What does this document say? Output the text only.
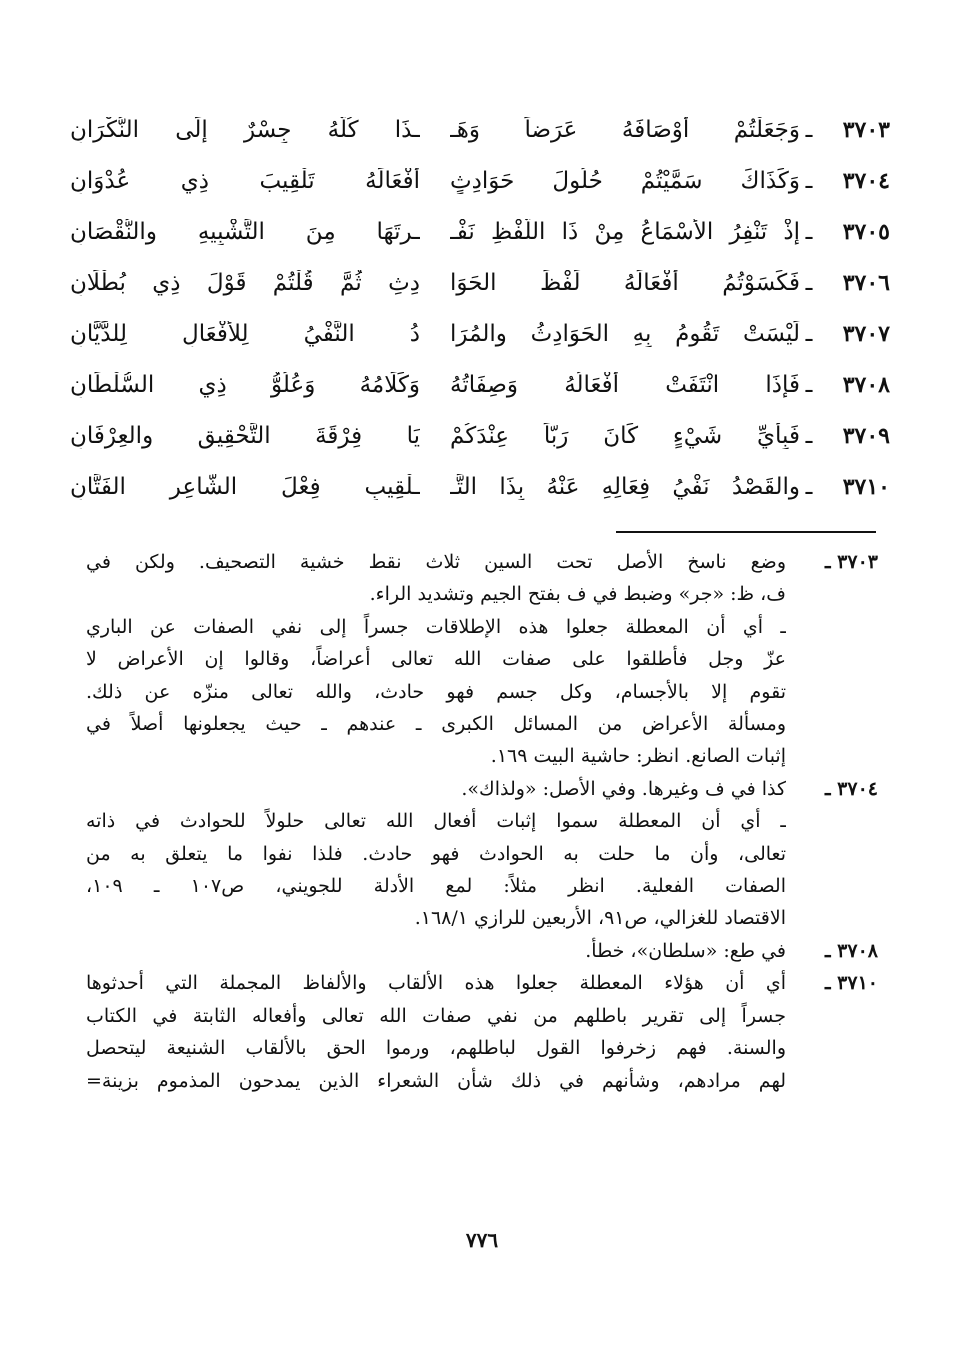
٣٧٠٣
ـ
وَجَعَلْتُمْ أَوْصَافَهُ عَرَضاً وَهَـ
ـذَا كُلُّهُ جِسْرٌ إِلَى النُّكْرَانِ
٣٧٠٤
ـ
وَكَذَاكَ سَمَّيْتُمْ حُلُولَ حَوَادِثٍ
أَفْعَالَهُ تَلْقِيبَ ذِي عُدْوَانِ
٣٧٠٥
ـ
إِذْ تَنْفِرُ الأَسْمَاعُ مِنْ ذَا اللَّفْظِ نَفْـ
ـرتَهَا مِنَ التَّشْبِيهِ والنُّقْصَانِ
٣٧٠٦
ـ
فَكَسَوْتُمُ أَفْعَالَهُ لَفْظَ الحَوَا
دِثِ ثُمَّ قُلْتُمْ قَوْلَ ذِي بُطْلَانِ
٣٧٠٧
ـ
لَيْسَتْ تَقُومُ بِهِ الحَوَادِثُ والمُرَا
دُ النَّفْيُ لِلأَفْعَالِ لِلدَّيَّانِ
٣٧٠٨
ـ
فَإِذَا انْتَفَتْ أَفْعَالُهُ وَصِفَاتُهُ
وَكَلَامُهُ وَعُلُوُّ ذِي السُّلْطَانِ
٣٧٠٩
ـ
فَبِأَيِّ شَيْءٍ كَانَ رَبّاً عِنْدَكُمْ
يَا فِرْقَةَ التَّحْقِيقِ والعِرْفَانِ
٣٧١٠
ـ
والقَصْدُ نَفْيُ فِعَالِهِ عَنْهُ بِذَا التَّـ
ـلْقِيبِ فِعْلَ الشَّاعِرِ الفَتَّانِ
٣٧٠٣ ـ
وضع ناسخ الأصل تحت السين ثلاث نقط خشية التصحيف. ولكن في
ف، ظ: «جر» وضبط في ف بفتح الجيم وتشديد الراء.
ـ أي أن المعطلة جعلوا هذه الإطلاقات جسراً إلى نفي الصفات عن الباري
عزّ وجل فأطلقوا على صفات الله تعالى أعراضاً، وقالوا إن الأعراض لا
تقوم إلا بالأجسام، وكل جسم فهو حادث، والله تعالى منزّه عن ذلك.
ومسألة الأعراض من المسائل الكبرى ـ عندهم ـ حيث يجعلونها أصلاً في
إثبات الصانع. انظر: حاشية البيت ١٦٩.
٣٧٠٤ ـ
كذا في ف وغيرها. وفي الأصل: «ولذاك».
ـ أي أن المعطلة سموا إثبات أفعال الله تعالى حلولاً للحوادث في ذاته
تعالى، وأن ما حلت به الحوادث فهو حادث. فلذا نفوا ما يتعلق به من
الصفات الفعلية. انظر مثلاً: لمع الأدلة للجويني، ص١٠٧ ـ ١٠٩،
الاقتصاد للغزالي، ص٩١، الأربعين للرازي ١٦٨/١.
٣٧٠٨ ـ
في طع: «سلطان»، خطأ.
٣٧١٠ ـ
أي أن هؤلاء المعطلة جعلوا هذه الألقاب والألفاظ المجملة التي أحدثوها
جسراً إلى تقرير باطلهم من نفي صفات الله تعالى وأفعاله الثابتة في الكتاب
والسنة. فهم زخرفوا القول لباطلهم، ورموا الحق بالألقاب الشنيعة ليتحصل
لهم مرادهم، وشأنهم في ذلك شأن الشعراء الذين يمدحون المذموم بزينة=
٧٧٦
